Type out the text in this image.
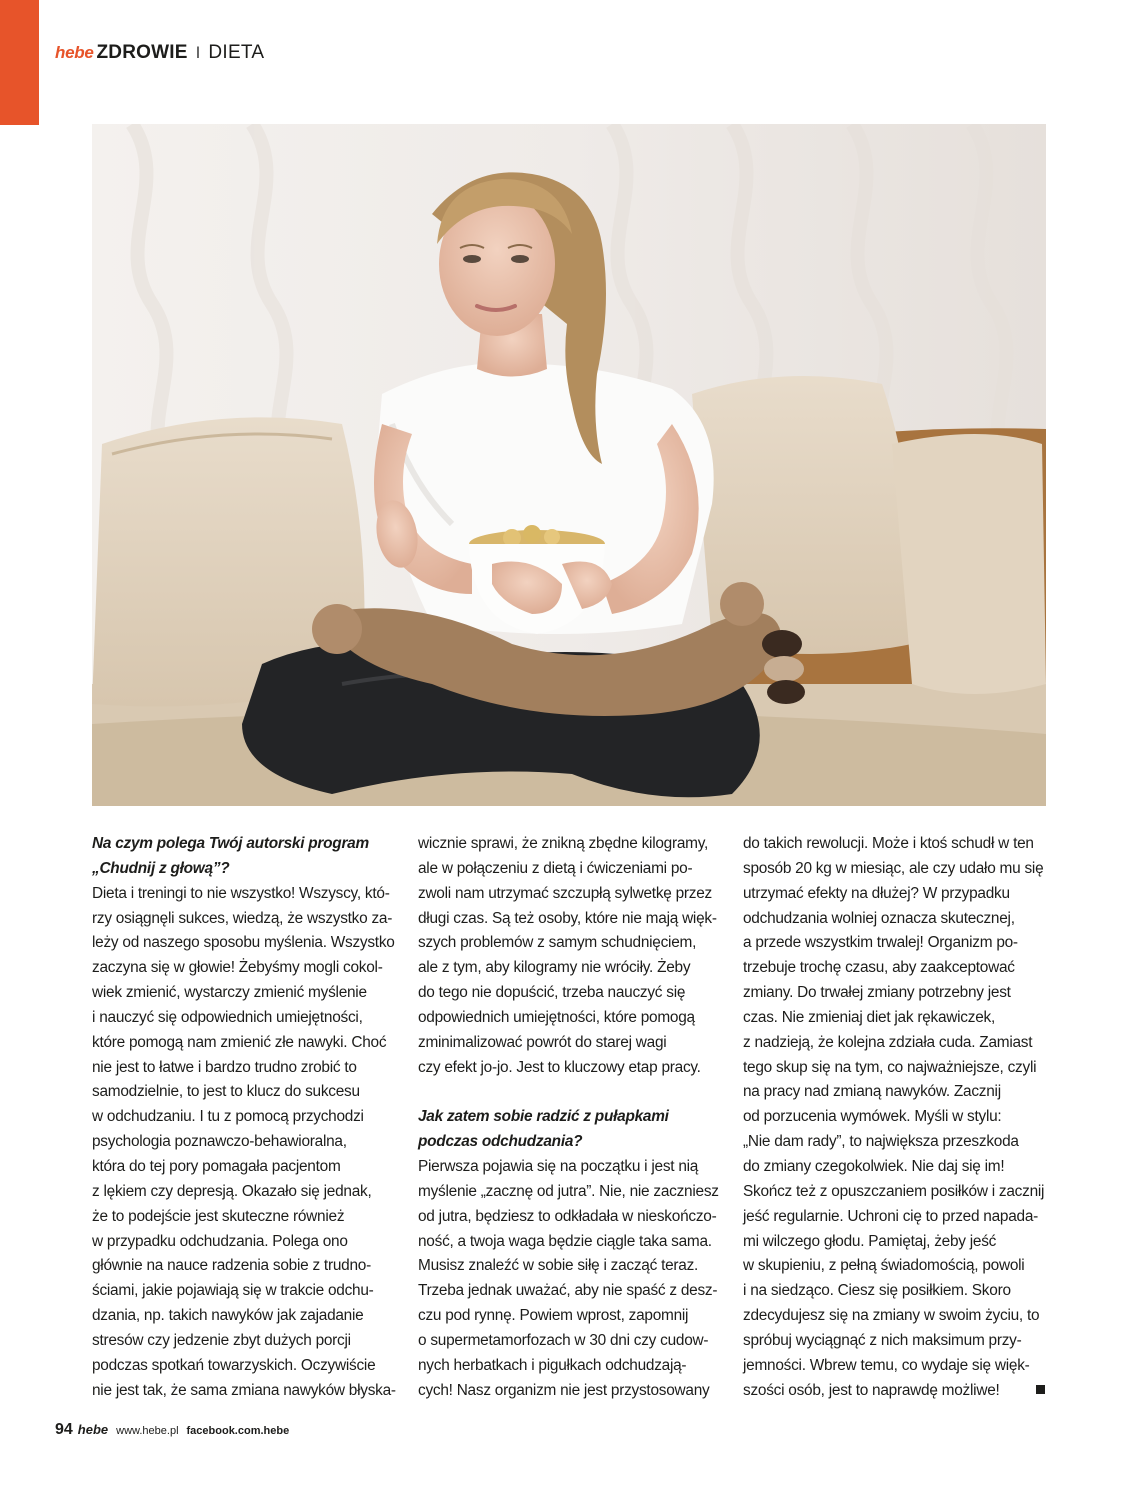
hebe ZDROWIE I DIETA
Na czym polega Twój autorski program
„Chudnij z głową”?
Dieta i treningi to nie wszystko! Wszyscy, któ-
rzy osiągnęli sukces, wiedzą, że wszystko za-
leży od naszego sposobu myślenia. Wszystko
zaczyna się w głowie! Żebyśmy mogli cokol-
wiek zmienić, wystarczy zmienić myślenie
i nauczyć się odpowiednich umiejętności,
które pomogą nam zmienić złe nawyki. Choć
nie jest to łatwe i bardzo trudno zrobić to
samodzielnie, to jest to klucz do sukcesu
w odchudzaniu. I tu z pomocą przychodzi
psychologia poznawczo-behawioralna,
która do tej pory pomagała pacjentom
z lękiem czy depresją. Okazało się jednak,
że to podejście jest skuteczne również
w przypadku odchudzania. Polega ono
głównie na nauce radzenia sobie z trudno-
ściami, jakie pojawiają się w trakcie odchu-
dzania, np. takich nawyków jak zajadanie
stresów czy jedzenie zbyt dużych porcji
podczas spotkań towarzyskich. Oczywiście
nie jest tak, że sama zmiana nawyków błyska-
wicznie sprawi, że znikną zbędne kilogramy,
ale w połączeniu z dietą i ćwiczeniami po-
zwoli nam utrzymać szczupłą sylwetkę przez
długi czas. Są też osoby, które nie mają więk-
szych problemów z samym schudnięciem,
ale z tym, aby kilogramy nie wróciły. Żeby
do tego nie dopuścić, trzeba nauczyć się
odpowiednich umiejętności, które pomogą
zminimalizować powrót do starej wagi
czy efekt jo-jo. Jest to kluczowy etap pracy.
Jak zatem sobie radzić z pułapkami
podczas odchudzania?
Pierwsza pojawia się na początku i jest nią
myślenie „zacznę od jutra”. Nie, nie zaczniesz
od jutra, będziesz to odkładała w nieskończo-
ność, a twoja waga będzie ciągle taka sama.
Musisz znaleźć w sobie siłę i zacząć teraz.
Trzeba jednak uważać, aby nie spaść z desz-
czu pod rynnę. Powiem wprost, zapomnij
o supermetamorfozach w 30 dni czy cudow-
nych herbatkach i pigułkach odchudzają-
cych! Nasz organizm nie jest przystosowany
do takich rewolucji. Może i ktoś schudł w ten
sposób 20 kg w miesiąc, ale czy udało mu się
utrzymać efekty na dłużej? W przypadku
odchudzania wolniej oznacza skutecznej,
a przede wszystkim trwalej! Organizm po-
trzebuje trochę czasu, aby zaakceptować
zmiany. Do trwałej zmiany potrzebny jest
czas. Nie zmieniaj diet jak rękawiczek,
z nadzieją, że kolejna zdziała cuda. Zamiast
tego skup się na tym, co najważniejsze, czyli
na pracy nad zmianą nawyków. Zacznij
od porzucenia wymówek. Myśli w stylu:
„Nie dam rady”, to największa przeszkoda
do zmiany czegokolwiek. Nie daj się im!
Skończ też z opuszczaniem posiłków i zacznij
jeść regularnie. Uchroni cię to przed napada-
mi wilczego głodu. Pamiętaj, żeby jeść
w skupieniu, z pełną świadomością, powoli
i na siedząco. Ciesz się posiłkiem. Skoro
zdecydujesz się na zmiany w swoim życiu, to
spróbuj wyciągnąć z nich maksimum przy-
jemności. Wbrew temu, co wydaje się więk-
szości osób, jest to naprawdę możliwe!
94 hebe www.hebe.pl facebook.com.hebe
